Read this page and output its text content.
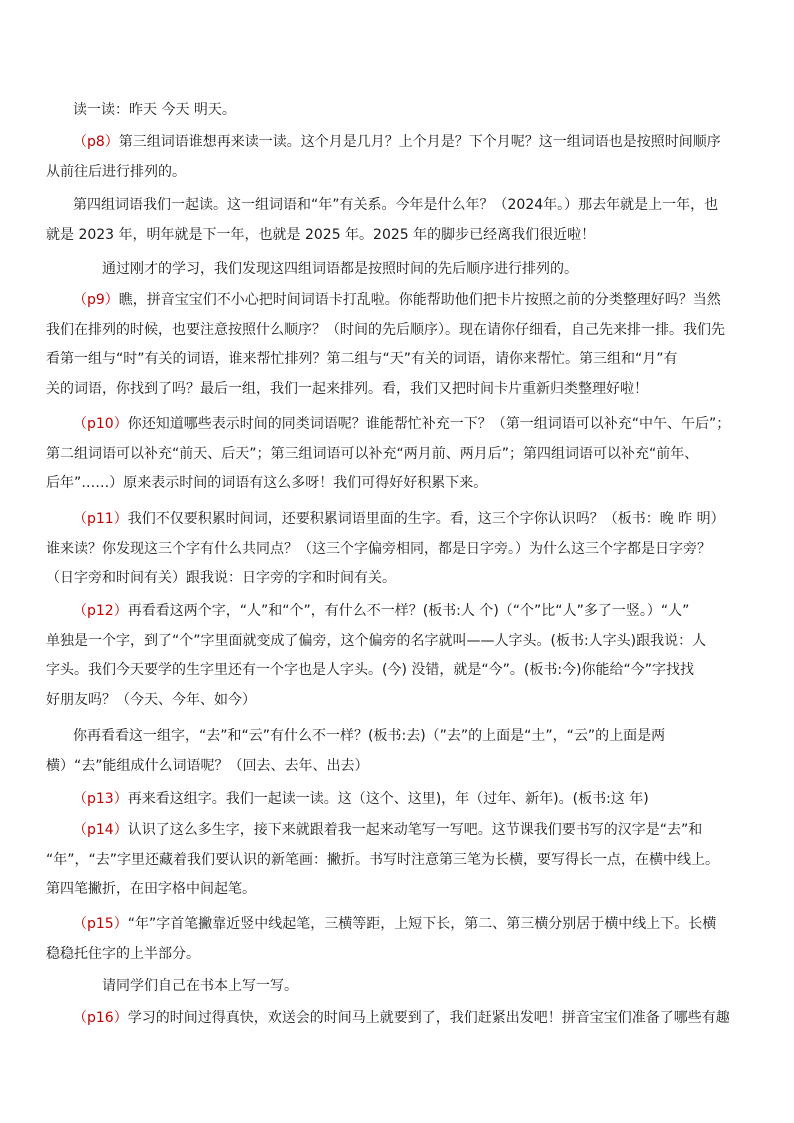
读一读：昨天 今天 明天。
（p8）第三组词语谁想再来读一读。这个月是几月？上个月是？下个月呢？这一组词语也是按照时间顺序
从前往后进行排列的。
第四组词语我们一起读。这一组词语和“年”有关系。今年是什么年？（2024年。）那去年就是上一年，也
就是 2023 年，明年就是下一年，也就是 2025 年。2025 年的脚步已经离我们很近啦！
通过刚才的学习，我们发现这四组词语都是按照时间的先后顺序进行排列的。
（p9）瞧，拼音宝宝们不小心把时间词语卡打乱啦。你能帮助他们把卡片按照之前的分类整理好吗？当然
我们在排列的时候，也要注意按照什么顺序？（时间的先后顺序）。现在请你仔细看，自己先来排一排。我们先
看第一组与“时”有关的词语，谁来帮忙排列？第二组与“天”有关的词语，请你来帮忙。第三组和“月”有
关的词语，你找到了吗？最后一组，我们一起来排列。看，我们又把时间卡片重新归类整理好啦！
（p10）你还知道哪些表示时间的同类词语呢？谁能帮忙补充一下？（第一组词语可以补充“中午、午后”；
第二组词语可以补充“前天、后天”；第三组词语可以补充“两月前、两月后”；第四组词语可以补充“前年、
后年”……）原来表示时间的词语有这么多呀！我们可得好好积累下来。
（p11）我们不仅要积累时间词，还要积累词语里面的生字。看，这三个字你认识吗？（板书：晚 昨 明）
谁来读？你发现这三个字有什么共同点？（这三个字偏旁相同，都是日字旁。）为什么这三个字都是日字旁？
（日字旁和时间有关）跟我说：日字旁的字和时间有关。
（p12）再看看这两个字，“人”和“个”，有什么不一样？(板书:人 个)（“个”比“人”多了一竖。）“人”
单独是一个字，到了“个”字里面就变成了偏旁，这个偏旁的名字就叫——人字头。(板书:人字头)跟我说：人
字头。我们今天要学的生字里还有一个字也是人字头。(今) 没错，就是“今”。(板书:今)你能给“今”字找找
好朋友吗？（今天、今年、如今）
你再看看这一组字，“去”和“云”有什么不一样？(板书:去)（”去”的上面是“土”，“云”的上面是两
横）“去”能组成什么词语呢？（回去、去年、出去）
（p13）再来看这组字。我们一起读一读。这（这个、这里)，年（过年、新年)。(板书:这 年)
（p14）认识了这么多生字，接下来就跟着我一起来动笔写一写吧。这节课我们要书写的汉字是“去”和
“年”，“去”字里还藏着我们要认识的新笔画：撇折。书写时注意第三笔为长横，要写得长一点，在横中线上。
第四笔撇折，在田字格中间起笔。
（p15）“年”字首笔撇靠近竖中线起笔，三横等距，上短下长，第二、第三横分别居于横中线上下。长横
稳稳托住字的上半部分。
请同学们自己在书本上写一写。
（p16）学习的时间过得真快，欢送会的时间马上就要到了，我们赶紧出发吧！拼音宝宝们准备了哪些有趣
